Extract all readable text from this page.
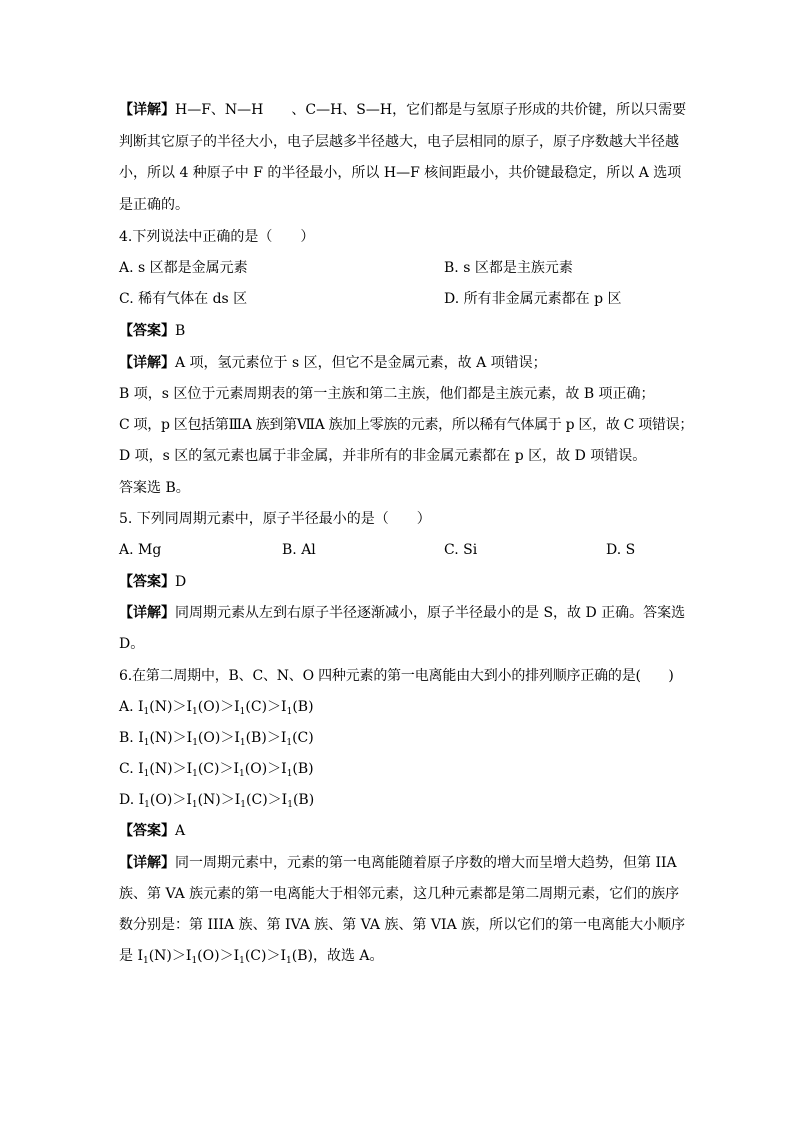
【详解】H—F、N—H　　、C—H、S—H，它们都是与氢原子形成的共价键，所以只需要
判断其它原子的半径大小，电子层越多半径越大，电子层相同的原子，原子序数越大半径越
小，所以 4 种原子中 F 的半径最小，所以 H—F 核间距最小，共价键最稳定，所以 A 选项
是正确的。
4.下列说法中正确的是（　　）
A. s 区都是金属元素	B. s 区都是主族元素
C. 稀有气体在 ds 区	D. 所有非金属元素都在 p 区
【答案】B
【详解】A 项，氢元素位于 s 区，但它不是金属元素，故 A 项错误；
B 项，s 区位于元素周期表的第一主族和第二主族，他们都是主族元素，故 B 项正确；
C 项，p 区包括第ⅢA 族到第ⅦA 族加上零族的元素，所以稀有气体属于 p 区，故 C 项错误；
D 项，s 区的氢元素也属于非金属，并非所有的非金属元素都在 p 区，故 D 项错误。
答案选 B。
5. 下列同周期元素中，原子半径最小的是（　　）
A. Mg	B. Al	C. Si	D. S
【答案】D
【详解】同周期元素从左到右原子半径逐渐减小，原子半径最小的是 S，故 D 正确。答案选
D。
6.在第二周期中，B、C、N、O 四种元素的第一电离能由大到小的排列顺序正确的是(　　)
A. $I_1(N)>I_1(O)>I_1(C)>I_1(B)$
B. $I_1(N)>I_1(O)>I_1(B)>I_1(C)$
C. $I_1(N)>I_1(C)>I_1(O)>I_1(B)$
D. $I_1(O)>I_1(N)>I_1(C)>I_1(B)$
【答案】A
【详解】同一周期元素中，元素的第一电离能随着原子序数的增大而呈增大趋势，但第 IIA
族、第 VA 族元素的第一电离能大于相邻元素，这几种元素都是第二周期元素，它们的族序
数分别是：第 IIIA 族、第 IVA 族、第 VA 族、第 VIA 族，所以它们的第一电离能大小顺序
是 $I_1(N)>I_1(O)>I_1(C)>I_1(B)$，故选 A。
